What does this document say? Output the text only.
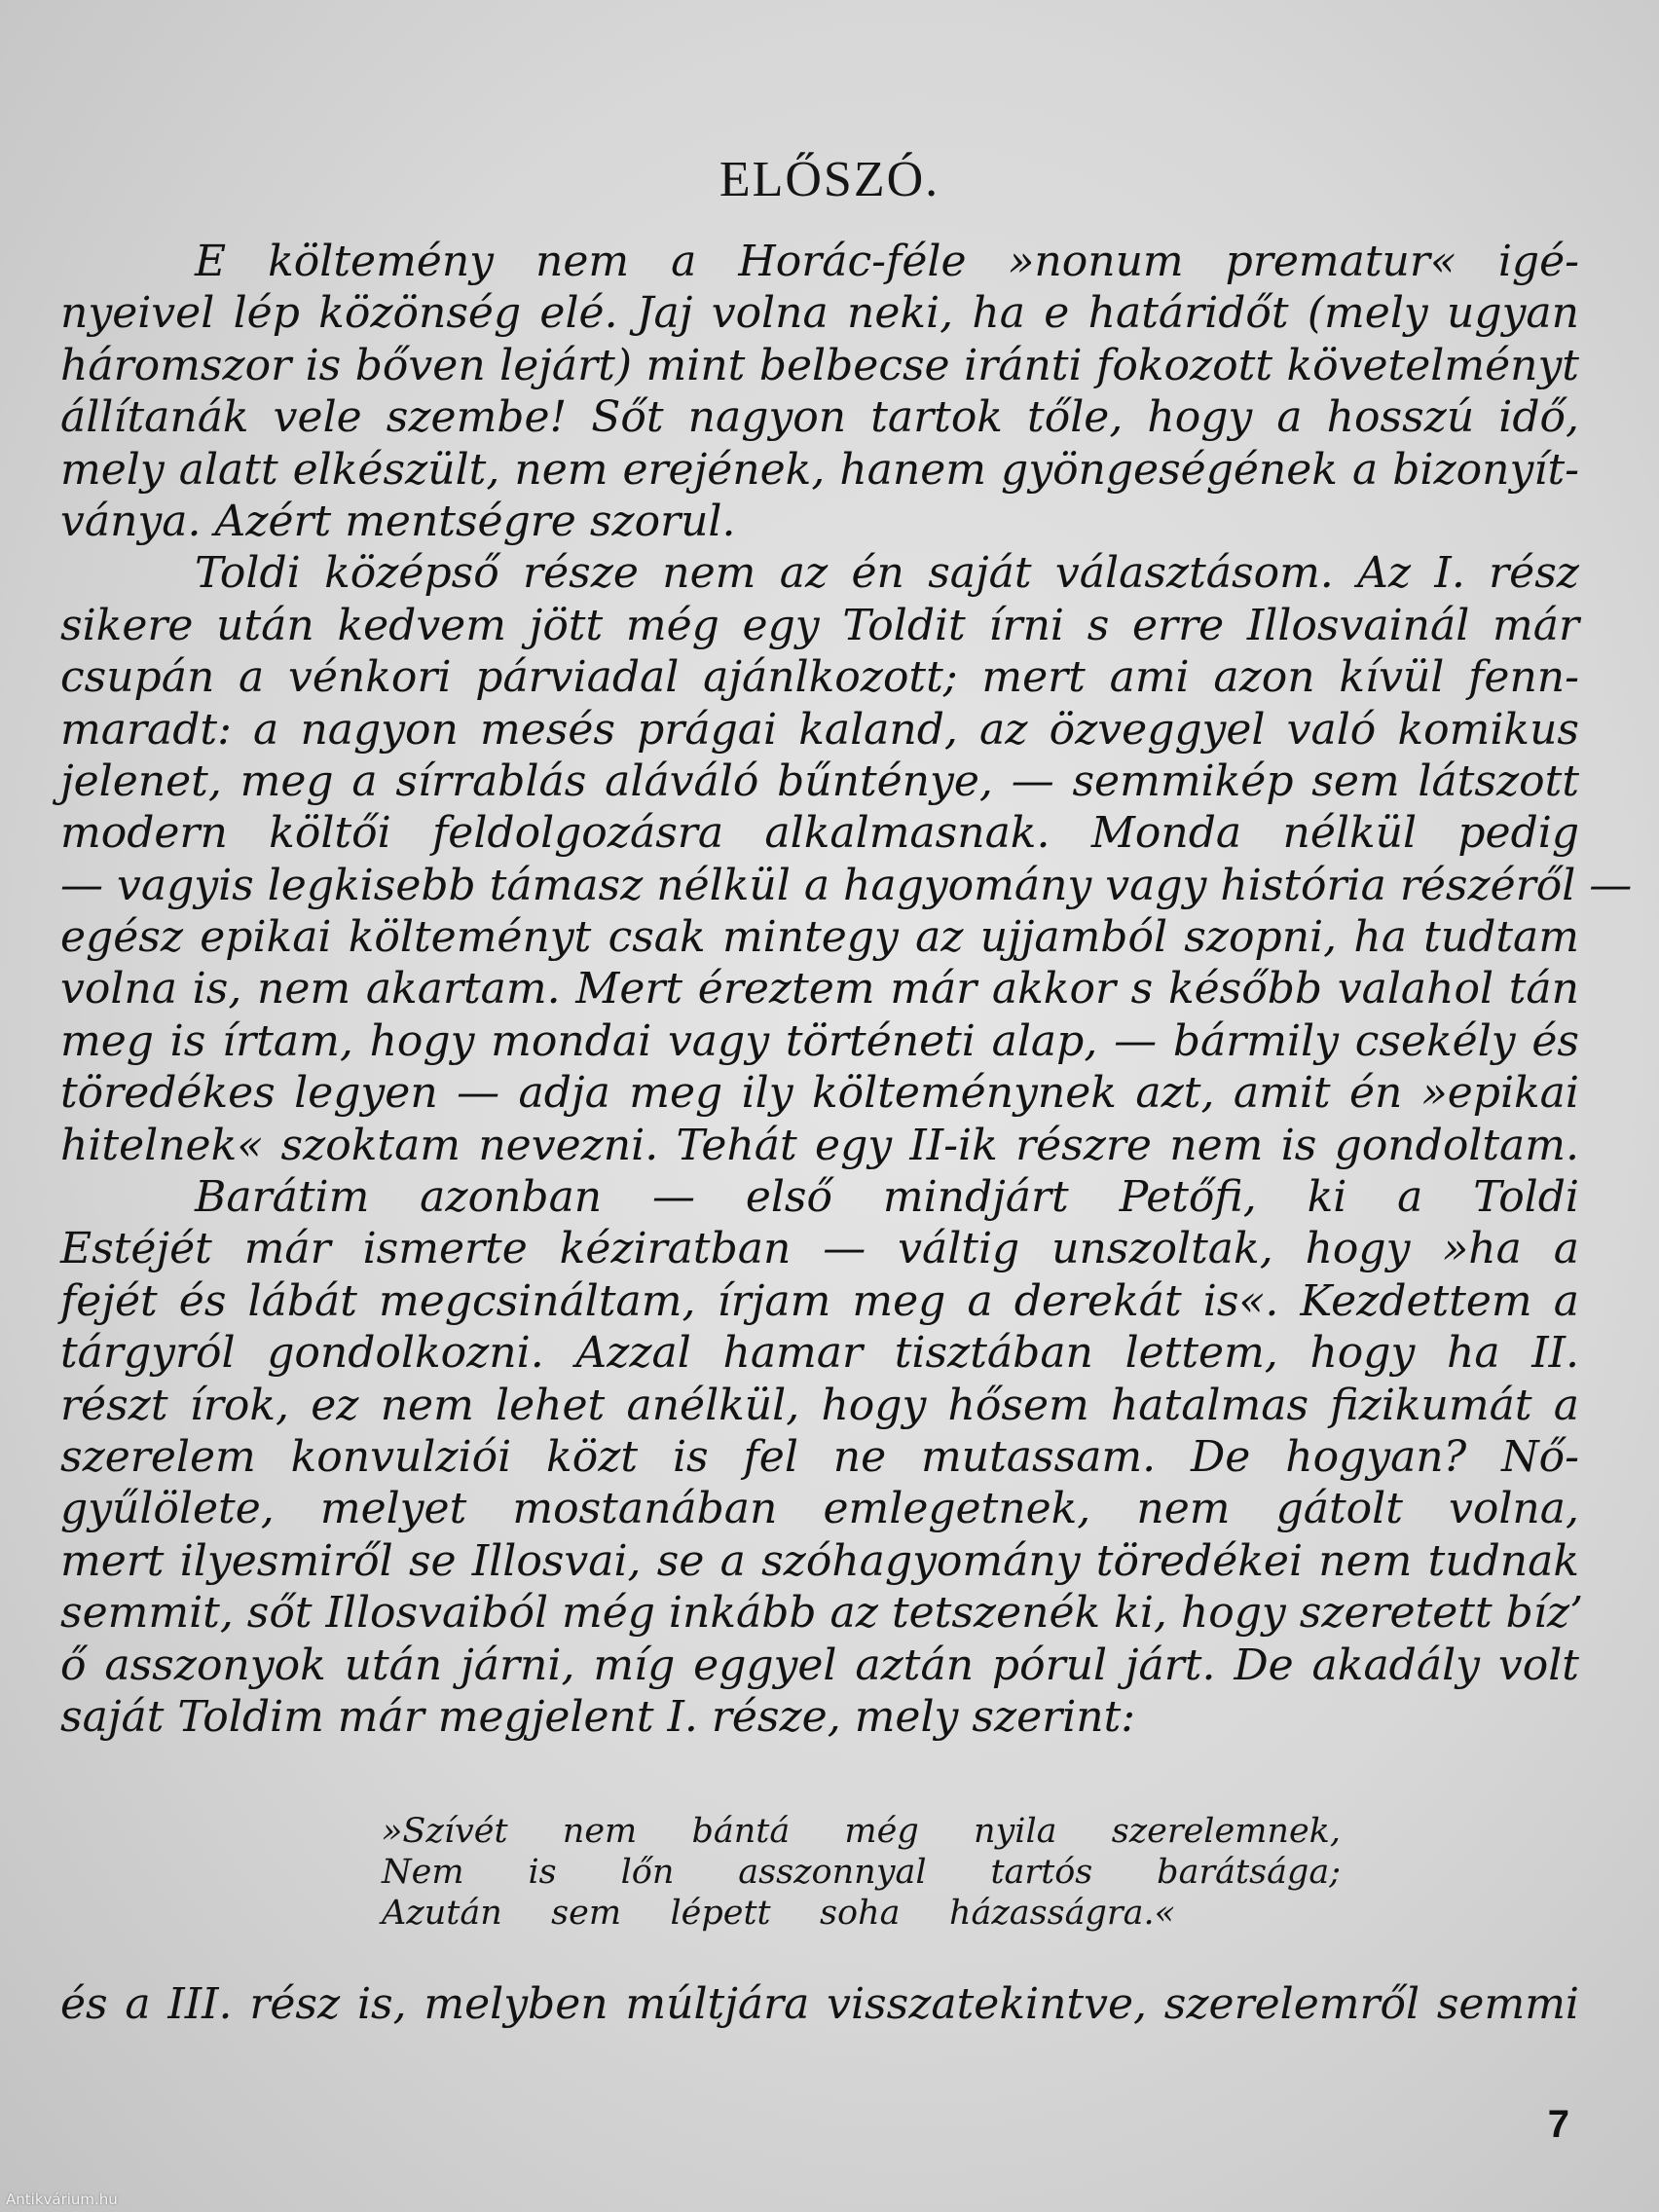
ELŐSZÓ.
E költemény nem a Horác-féle »nonum prematur« igé-
nyeivel lép közönség elé. Jaj volna neki, ha e határidőt (mely ugyan
háromszor is bőven lejárt) mint belbecse iránti fokozott követelményt
állítanák vele szembe! Sőt nagyon tartok tőle, hogy a hosszú idő,
mely alatt elkészült, nem erejének, hanem gyöngeségének a bizonyít-
ványa. Azért mentségre szorul.
Toldi középső része nem az én saját választásom. Az I. rész
sikere után kedvem jött még egy Toldit írni s erre Illosvainál már
csupán a vénkori párviadal ajánlkozott; mert ami azon kívül fenn-
maradt: a nagyon mesés prágai kaland, az özveggyel való komikus
jelenet, meg a sírrablás aláváló bűnténye, — semmikép sem látszott
modern költői feldolgozásra alkalmasnak. Monda nélkül pedig
— vagyis legkisebb támasz nélkül a hagyomány vagy história részéről —
egész epikai költeményt csak mintegy az ujjamból szopni, ha tudtam
volna is, nem akartam. Mert éreztem már akkor s később valahol tán
meg is írtam, hogy mondai vagy történeti alap, — bármily csekély és
töredékes legyen — adja meg ily költeménynek azt, amit én »epikai
hitelnek« szoktam nevezni. Tehát egy II-ik részre nem is gondoltam.
Barátim azonban — első mindjárt Petőfi, ki a Toldi
Estéjét már ismerte kéziratban — váltig unszoltak, hogy »ha a
fejét és lábát megcsináltam, írjam meg a derekát is«. Kezdettem a
tárgyról gondolkozni. Azzal hamar tisztában lettem, hogy ha II.
részt írok, ez nem lehet anélkül, hogy hősem hatalmas fizikumát a
szerelem konvulziói közt is fel ne mutassam. De hogyan? Nő-
gyűlölete, melyet mostanában emlegetnek, nem gátolt volna,
mert ilyesmiről se Illosvai, se a szóhagyomány töredékei nem tudnak
semmit, sőt Illosvaiból még inkább az tetszenék ki, hogy szeretett bíz’
ő asszonyok után járni, míg eggyel aztán pórul járt. De akadály volt
saját Toldim már megjelent I. része, mely szerint:
»Szívét nem bántá még nyila szerelemnek,
Nem is lőn asszonnyal tartós barátsága;
Azután sem lépett soha házasságra.«
és a III. rész is, melyben múltjára visszatekintve, szerelemről semmi
7
Antikvárium.hu
